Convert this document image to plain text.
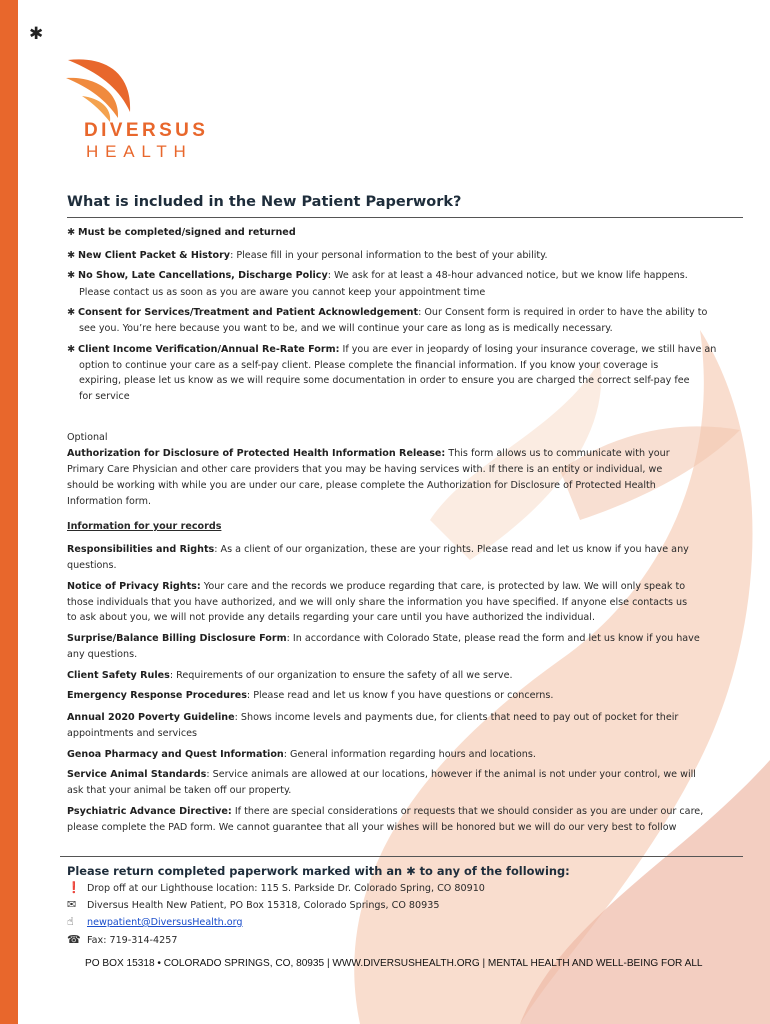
✱
DIVERSUS
HEALTH
What is included in the New Patient Paperwork?
✱ Must be completed/signed and returned
✱ New Client Packet & History: Please fill in your personal information to the best of your ability.
✱ No Show, Late Cancellations, Discharge Policy: We ask for at least a 48-hour advanced notice, but we know life happens.
Please contact us as soon as you are aware you cannot keep your appointment time
✱ Consent for Services/Treatment and Patient Acknowledgement: Our Consent form is required in order to have the ability to
see you. You’re here because you want to be, and we will continue your care as long as is medically necessary.
✱ Client Income Verification/Annual Re-Rate Form: If you are ever in jeopardy of losing your insurance coverage, we still have an
option to continue your care as a self-pay client. Please complete the financial information. If you know your coverage is
expiring, please let us know as we will require some documentation in order to ensure you are charged the correct self-pay fee
for service
Optional
Authorization for Disclosure of Protected Health Information Release: This form allows us to communicate with your
Primary Care Physician and other care providers that you may be having services with. If there is an entity or individual, we
should be working with while you are under our care, please complete the Authorization for Disclosure of Protected Health
Information form.
Information for your records
Responsibilities and Rights: As a client of our organization, these are your rights. Please read and let us know if you have any
questions.
Notice of Privacy Rights: Your care and the records we produce regarding that care, is protected by law. We will only speak to
those individuals that you have authorized, and we will only share the information you have specified. If anyone else contacts us
to ask about you, we will not provide any details regarding your care until you have authorized the individual.
Surprise/Balance Billing Disclosure Form: In accordance with Colorado State, please read the form and let us know if you have
any questions.
Client Safety Rules: Requirements of our organization to ensure the safety of all we serve.
Emergency Response Procedures: Please read and let us know f you have questions or concerns.
Annual 2020 Poverty Guideline: Shows income levels and payments due, for clients that need to pay out of pocket for their
appointments and services
Genoa Pharmacy and Quest Information: General information regarding hours and locations.
Service Animal Standards: Service animals are allowed at our locations, however if the animal is not under your control, we will
ask that your animal be taken off our property.
Psychiatric Advance Directive: If there are special considerations or requests that we should consider as you are under our care,
please complete the PAD form. We cannot guarantee that all your wishes will be honored but we will do our very best to follow
Please return completed paperwork marked with an ✱ to any of the following:
❗ Drop off at our Lighthouse location: 115 S. Parkside Dr. Colorado Spring, CO 80910
✉ Diversus Health New Patient, PO Box 15318, Colorado Springs, CO 80935
☝ newpatient@DiversusHealth.org
☎ Fax: 719-314-4257
PO BOX 15318 • COLORADO SPRINGS, CO, 80935 | WWW.DIVERSUSHEALTH.ORG | MENTAL HEALTH AND WELL-BEING FOR ALL
